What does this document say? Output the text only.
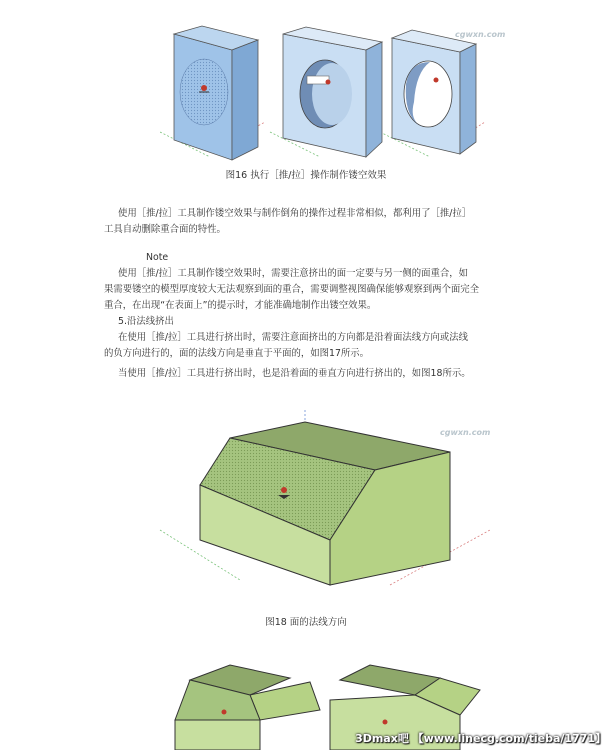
cgwxn.com
图16 执行［推/拉］操作制作镂空效果
使用［推/拉］工具制作镂空效果与制作倒角的操作过程非常相似，都利用了［推/拉］
工具自动删除重合面的特性。
Note
使用［推/拉］工具制作镂空效果时，需要注意挤出的面一定要与另一侧的面重合，如
果需要镂空的模型厚度较大无法观察到面的重合，需要调整视图确保能够观察到两个面完全
重合，在出现“在表面上”的提示时，才能准确地制作出镂空效果。
5.沿法线挤出
在使用［推/拉］工具进行挤出时，需要注意面挤出的方向都是沿着面法线方向或法线
的负方向进行的，面的法线方向是垂直于平面的，如图17所示。
当使用［推/拉］工具进行挤出时，也是沿着面的垂直方向进行挤出的，如图18所示。
cgwxn.com
图18 面的法线方向
3Dmax吧 【www.linecg.com/tieba/1771】
